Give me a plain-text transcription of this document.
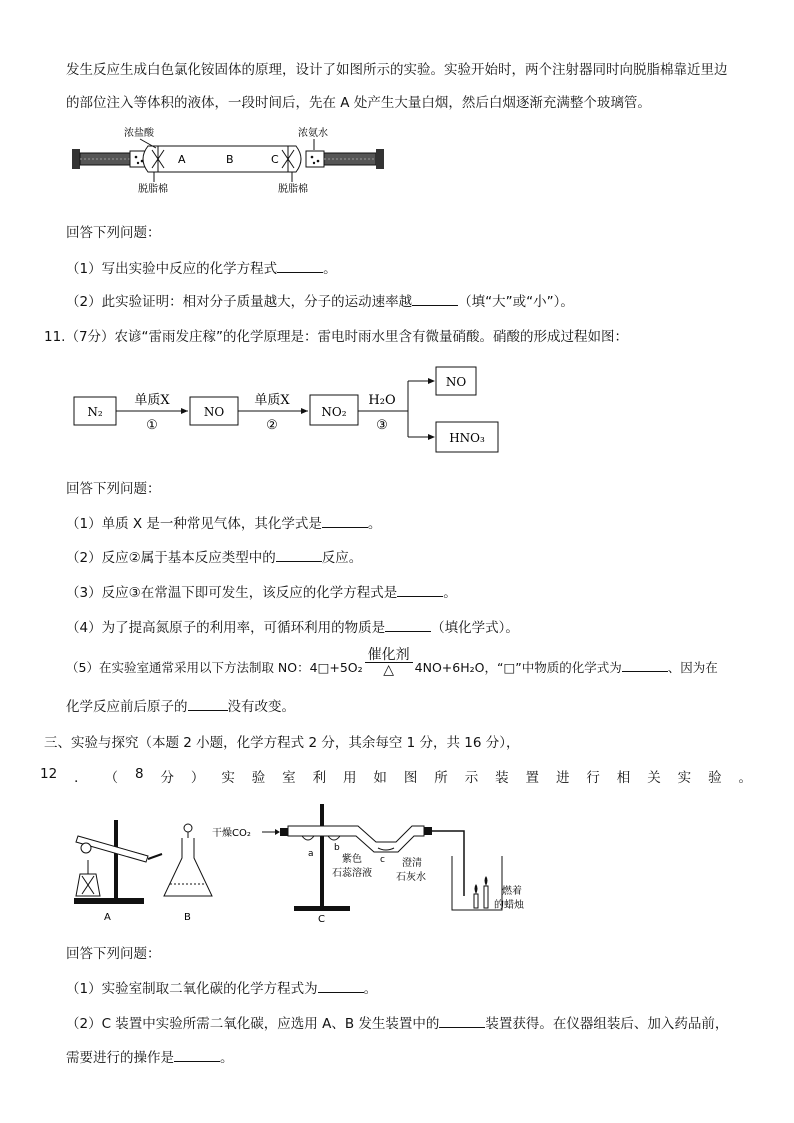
发生反应生成白色氯化铵固体的原理，设计了如图所示的实验。实验开始时，两个注射器同时向脱脂棉靠近里边
的部位注入等体积的液体，一段时间后，先在 A 处产生大量白烟，然后白烟逐渐充满整个玻璃管。
A	B	C
浓盐酸	浓氨水
脱脂棉	脱脂棉
回答下列问题：
（1）写出实验中反应的化学方程式	。
（2）此实验证明：相对分子质量越大，分子的运动速率越	（填“大”或“小”）。
11.（7分）农谚“雷雨发庄稼”的化学原理是：雷电时雨水里含有微量硝酸。硝酸的形成过程如图：
N₂
单质X
①
NO
单质X
②
NO₂
H₂O
③
NO
HNO₃
回答下列问题：
（1）单质 X 是一种常见气体，其化学式是	。
（2）反应②属于基本反应类型中的	反应。
（3）反应③在常温下即可发生，该反应的化学方程式是	。
（4）为了提高氮原子的利用率，可循环利用的物质是	（填化学式）。
（5）在实验室通常采用以下方法制取 NO：4□+5O₂
催化剂
△	4NO+6H₂O，“□”中物质的化学式为	、因为在
化学反应前后原子的	没有改变。
三、实验与探究（本题 2 小题，化学方程式 2 分，其余每空 1 分，共 16 分），
12 ． （ 8 分 ） 实 验 室 利 用 如 图 所 示 装 置 进 行 相 关 实 验 。
A	B
干燥CO₂
a
b
c
紫色
石蕊溶液
澄清
石灰水
C
燃着
的蜡烛
回答下列问题：
（1）实验室制取二氧化碳的化学方程式为	。
（2）C 装置中实验所需二氧化碳，应选用 A、B 发生装置中的	装置获得。在仪器组装后、加入药品前，
需要进行的操作是	。
